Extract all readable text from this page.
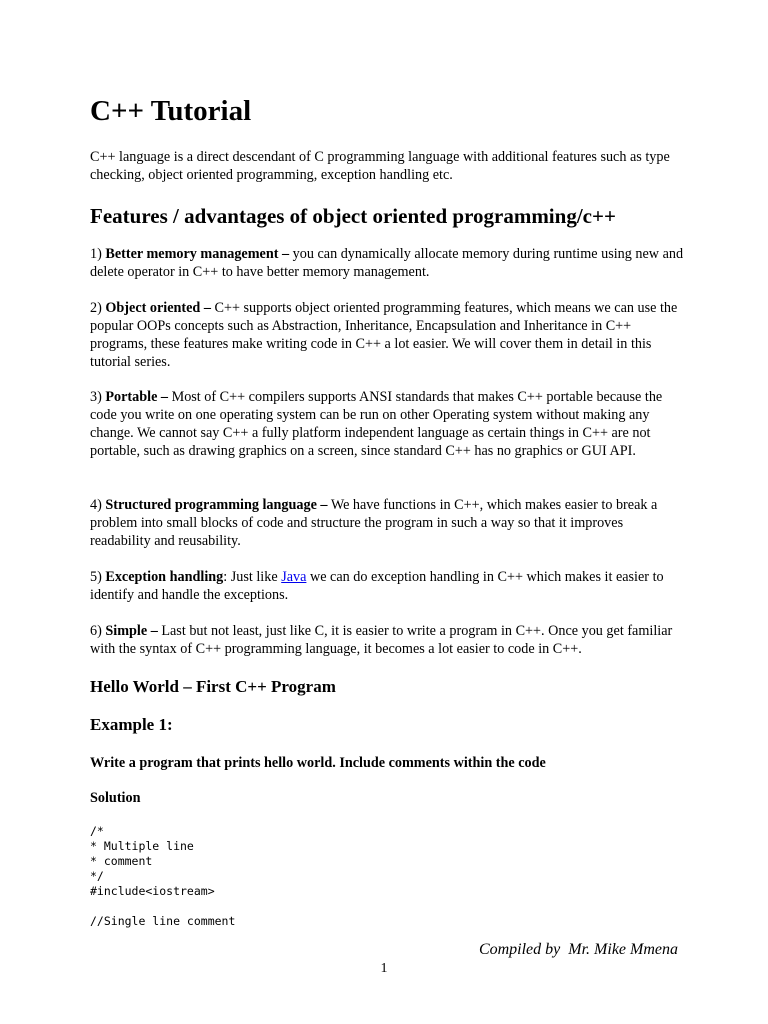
C++ Tutorial

C++ language is a direct descendant of C programming language with additional features such as type checking, object oriented programming, exception handling etc.

Features / advantages of object oriented programming/c++

1) Better memory management – you can dynamically allocate memory during runtime using new and delete operator in C++ to have better memory management.

2) Object oriented – C++ supports object oriented programming features, which means we can use the popular OOPs concepts such as Abstraction, Inheritance, Encapsulation and Inheritance in C++ programs, these features make writing code in C++ a lot easier. We will cover them in detail in this tutorial series.

3) Portable – Most of C++ compilers supports ANSI standards that makes C++ portable because the code you write on one operating system can be run on other Operating system without making any change. We cannot say C++ a fully platform independent language as certain things in C++ are not portable, such as drawing graphics on a screen, since standard C++ has no graphics or GUI API.

4) Structured programming language – We have functions in C++, which makes easier to break a problem into small blocks of code and structure the program in such a way so that it improves readability and reusability.

5) Exception handling: Just like Java we can do exception handling in C++ which makes it easier to identify and handle the exceptions.

6) Simple – Last but not least, just like C, it is easier to write a program in C++. Once you get familiar with the syntax of C++ programming language, it becomes a lot easier to code in C++.

Hello World – First C++ Program
Example 1:
Write a program that prints hello world. Include comments within the code
Solution
/*
* Multiple line
* comment
*/
#include<iostream>
//Single line comment
Compiled by  Mr. Mike Mmena
1
